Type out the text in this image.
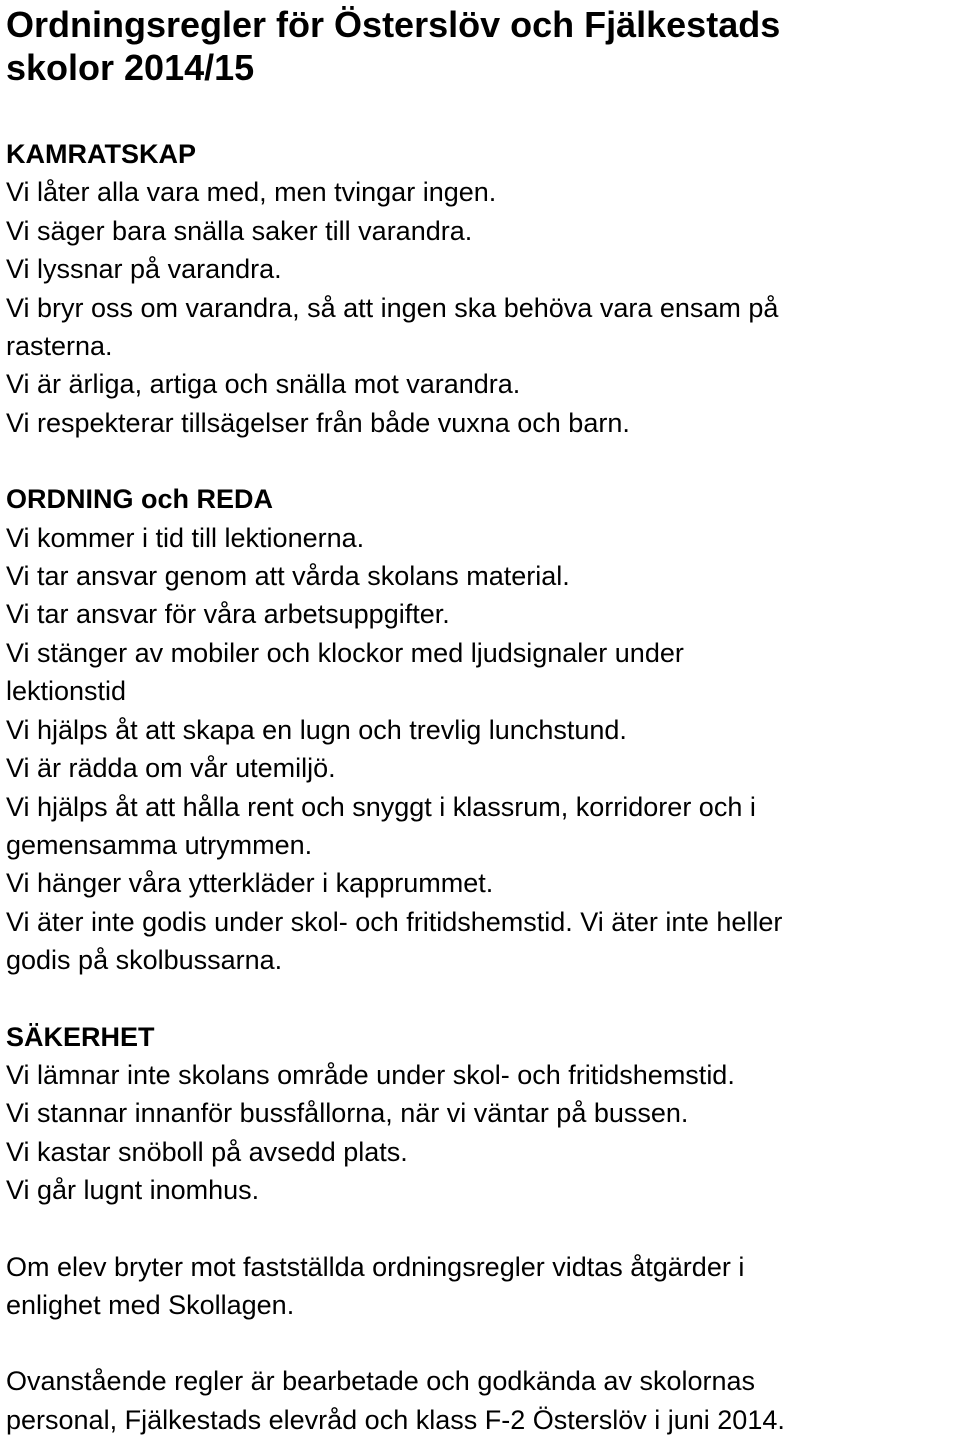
Ordningsregler för Österslöv och Fjälkestads
skolor 2014/15

KAMRATSKAP

Vi låter alla vara med, men tvingar ingen.

Vi säger bara snälla saker till varandra.

Vi lyssnar på varandra.

Vi bryr oss om varandra, så att ingen ska behöva vara ensam på

rasterna.

Vi är ärliga, artiga och snälla mot varandra.

Vi respekterar tillsägelser från både vuxna och barn.

ORDNING och REDA

Vi kommer i tid till lektionerna.

Vi tar ansvar genom att vårda skolans material.

Vi tar ansvar för våra arbetsuppgifter.

Vi stänger av mobiler och klockor med ljudsignaler under

lektionstid

Vi hjälps åt att skapa en lugn och trevlig lunchstund.

Vi är rädda om vår utemiljö.

Vi hjälps åt att hålla rent och snyggt i klassrum, korridorer och i

gemensamma utrymmen.

Vi hänger våra ytterkläder i kapprummet.

Vi äter inte godis under skol- och fritidshemstid. Vi äter inte heller

godis på skolbussarna.

SÄKERHET

Vi lämnar inte skolans område under skol- och fritidshemstid.

Vi stannar innanför bussfållorna, när vi väntar på bussen.

Vi kastar snöboll på avsedd plats.

Vi går lugnt inomhus.

Om elev bryter mot fastställda ordningsregler vidtas åtgärder i

enlighet med Skollagen.

Ovanstående regler är bearbetade och godkända av skolornas

personal, Fjälkestads elevråd och klass F-2 Österslöv i juni 2014.
